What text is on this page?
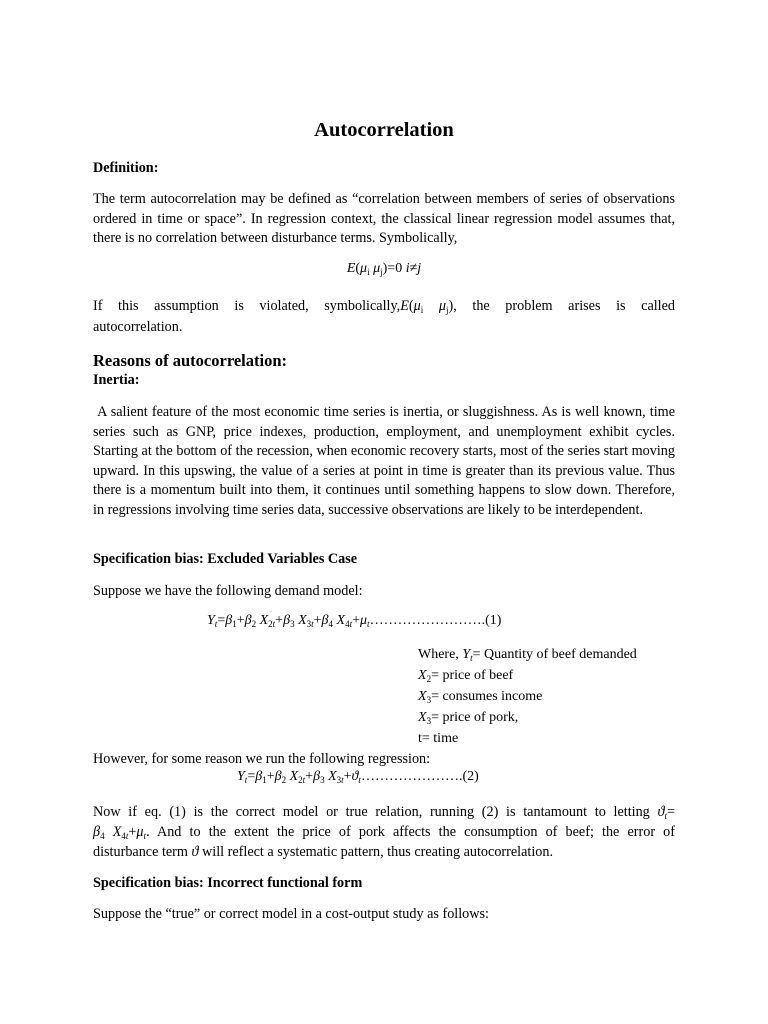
Autocorrelation

Definition:

The term autocorrelation may be defined as “correlation between members of series of observations ordered in time or space”. In regression context, the classical linear regression model assumes that, there is no correlation between disturbance terms. Symbolically,

$E(\mu_i$ $\mu_j)=0$ i≠j

If this assumption is violated, $symbolically,E(\mu_i$ $\mu_j$), the problem arises is called

autocorrelation.

Reasons of autocorrelation:

Inertia:

A salient feature of the most economic time series is inertia, or sluggishness. As is well known, time series such as GNP, price indexes, production, employment, and unemployment exhibit cycles. Starting at the bottom of the recession, when economic recovery starts, most of the series start moving upward. In this upswing, the value of a series at point in time is greater than its previous value. Thus there is a momentum built into them, it continues until something happens to slow down. Therefore, in regressions involving time series data, successive observations are likely to be interdependent.

Specification bias: Excluded Variables Case

Suppose we have the following demand model:

$Y_t=\beta_1+\beta_2$ $X_{2t}+\beta_3$ $X_{3t}+\beta_4$ $X_{4t}+\mu_t\dots\dots\dots\dots\dots\dots\dots\dots.(1)$
Where, $Y_t=$ Quantity of beef demanded
$X_2=$ price of beef
$X_3=$ consumes income
$X_3=$ price of pork,
t= time

However, for some reason we run the following regression:

$Y_t=\beta_1+\beta_2$ $X_{2t}+\beta_3$ $X_{3t}+ϑ_t\dots\dots\dots\dots\dots\dots\dots.(2)$

Now if eq. (1) is the correct model or true relation, running (2) is tantamount to letting $ϑ_t=$

$\beta_4$ $X_{4t}+\mu_t$. And to the extent the price of pork affects the consumption of beef; the error of

disturbance term ϑ will reflect a systematic pattern, thus creating autocorrelation.

Specification bias: Incorrect functional form

Suppose the “true” or correct model in a cost-output study as follows:
